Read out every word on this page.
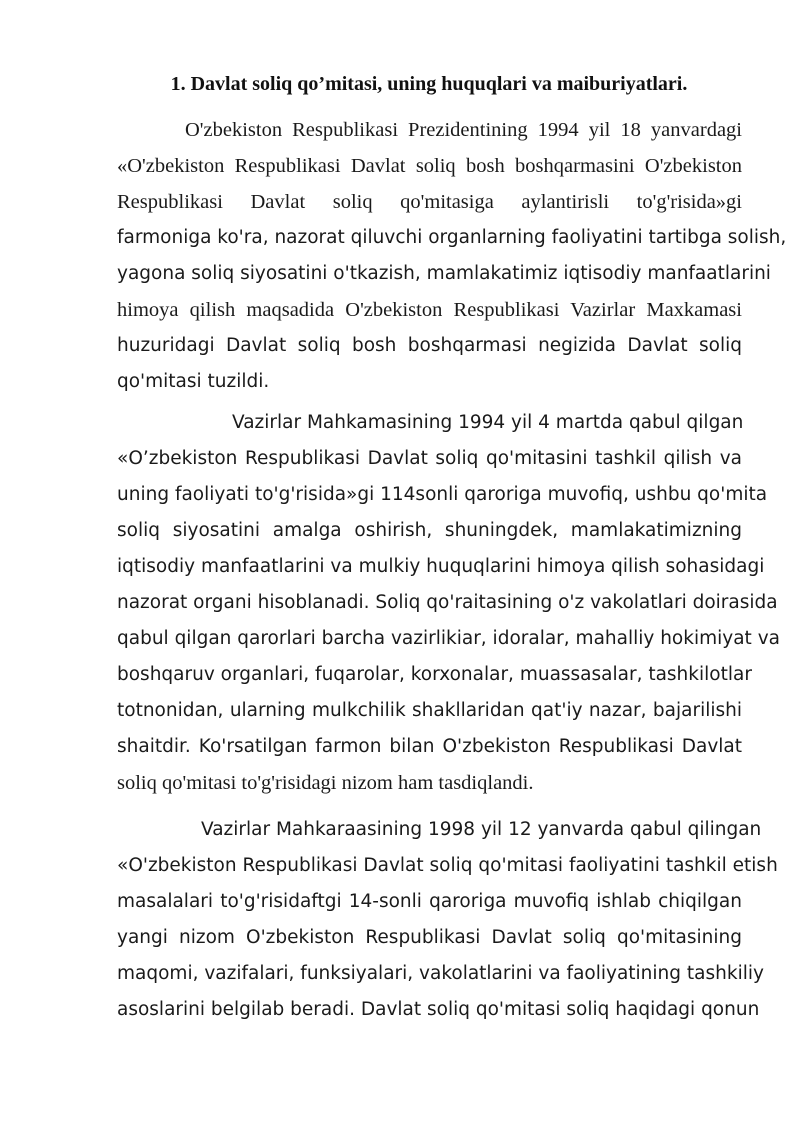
1. Davlat soliq qo’mitasi, uning huquqlari va maiburiyatlari.

O'zbekiston Respublikasi Prezidentining 1994 yil 18 yanvardagi

«O'zbekiston Respublikasi Davlat soliq bosh boshqarmasini O'zbekiston

Respublikasi Davlat soliq qo'mitasiga aylantirisli to'g'risida»gi

farmoniga ko'ra, nazorat qiluvchi organlarning faoliyatini tartibga solish,

yagona soliq siyosatini o'tkazish, mamlakatimiz iqtisodiy manfaatlarini

himoya qilish maqsadida O'zbekiston Respublikasi Vazirlar Maxkamasi

huzuridagi Davlat soliq bosh boshqarmasi negizida Davlat soliq

qo'mitasi tuzildi.

Vazirlar Mahkamasining 1994 yil 4 martda qabul qilgan

«O’zbekiston Respublikasi Davlat soliq qo'mitasini tashkil qilish va

uning faoliyati to'g'risida»gi 114sonli qaroriga muvofiq, ushbu qo'mita

soliq siyosatini amalga oshirish, shuningdek, mamlakatimizning

iqtisodiy manfaatlarini va mulkiy huquqlarini himoya qilish sohasidagi

nazorat organi hisoblanadi. Soliq qo'raitasining o'z vakolatlari doirasida

qabul qilgan qarorlari barcha vazirlikiar, idoralar, mahalliy hokimiyat va

boshqaruv organlari, fuqarolar, korxonalar, muassasalar, tashkilotlar

totnonidan, ularning mulkchilik shakllaridan qat'iy nazar, bajarilishi

shaitdir. Ko'rsatilgan farmon bilan O'zbekiston Respublikasi Davlat

soliq qo'mitasi to'g'risidagi nizom ham tasdiqlandi.

Vazirlar Mahkaraasining 1998 yil 12 yanvarda qabul qilingan

«O'zbekiston Respublikasi Davlat soliq qo'mitasi faoliyatini tashkil etish

masalalari to'g'risidaftgi 14-sonli qaroriga muvofiq ishlab chiqilgan

yangi nizom O'zbekiston Respublikasi Davlat soliq qo'mitasining

maqomi, vazifalari, funksiyalari, vakolatlarini va faoliyatining tashkiliy

asoslarini belgilab beradi. Davlat soliq qo'mitasi soliq haqidagi qonun
